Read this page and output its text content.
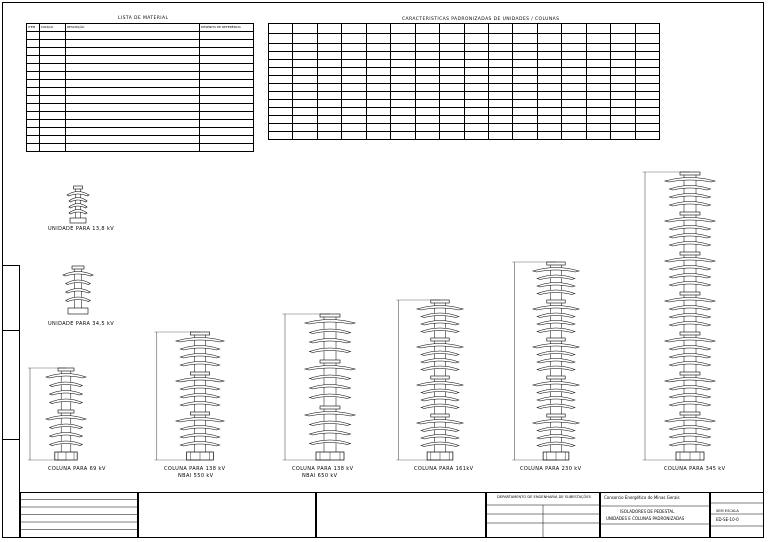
LISTA DE MATERIAL
ITEM	CODIGO	DESCRIÇÃO	DESENHO DE REFERÊNCIA

CARACTERISTICAS PADRONIZADAS DE UNIDADES / COLUNAS

UNIDADE PARA 13,8 kV
UNIDADE PARA 34,5 kV
COLUNA PARA 69 kV	COLUNA PARA 138 kV
NBAI 550 kV
COLUNA PARA 138 kV
NBAI 650 kV
COLUNA PARA 161kV	COLUNA PARA 230 kV	COLUNA PARA 345 kV
DEPARTAMENTO DE ENGENHARIA DE SUBESTAÇÕES	Consorcio Energético do Minas Gerais
ISOLADORES DE PEDESTAL
UNIDADES E COLUNAS PADRONIZADAS
SEM ESCALA
ED-SE-10-0
